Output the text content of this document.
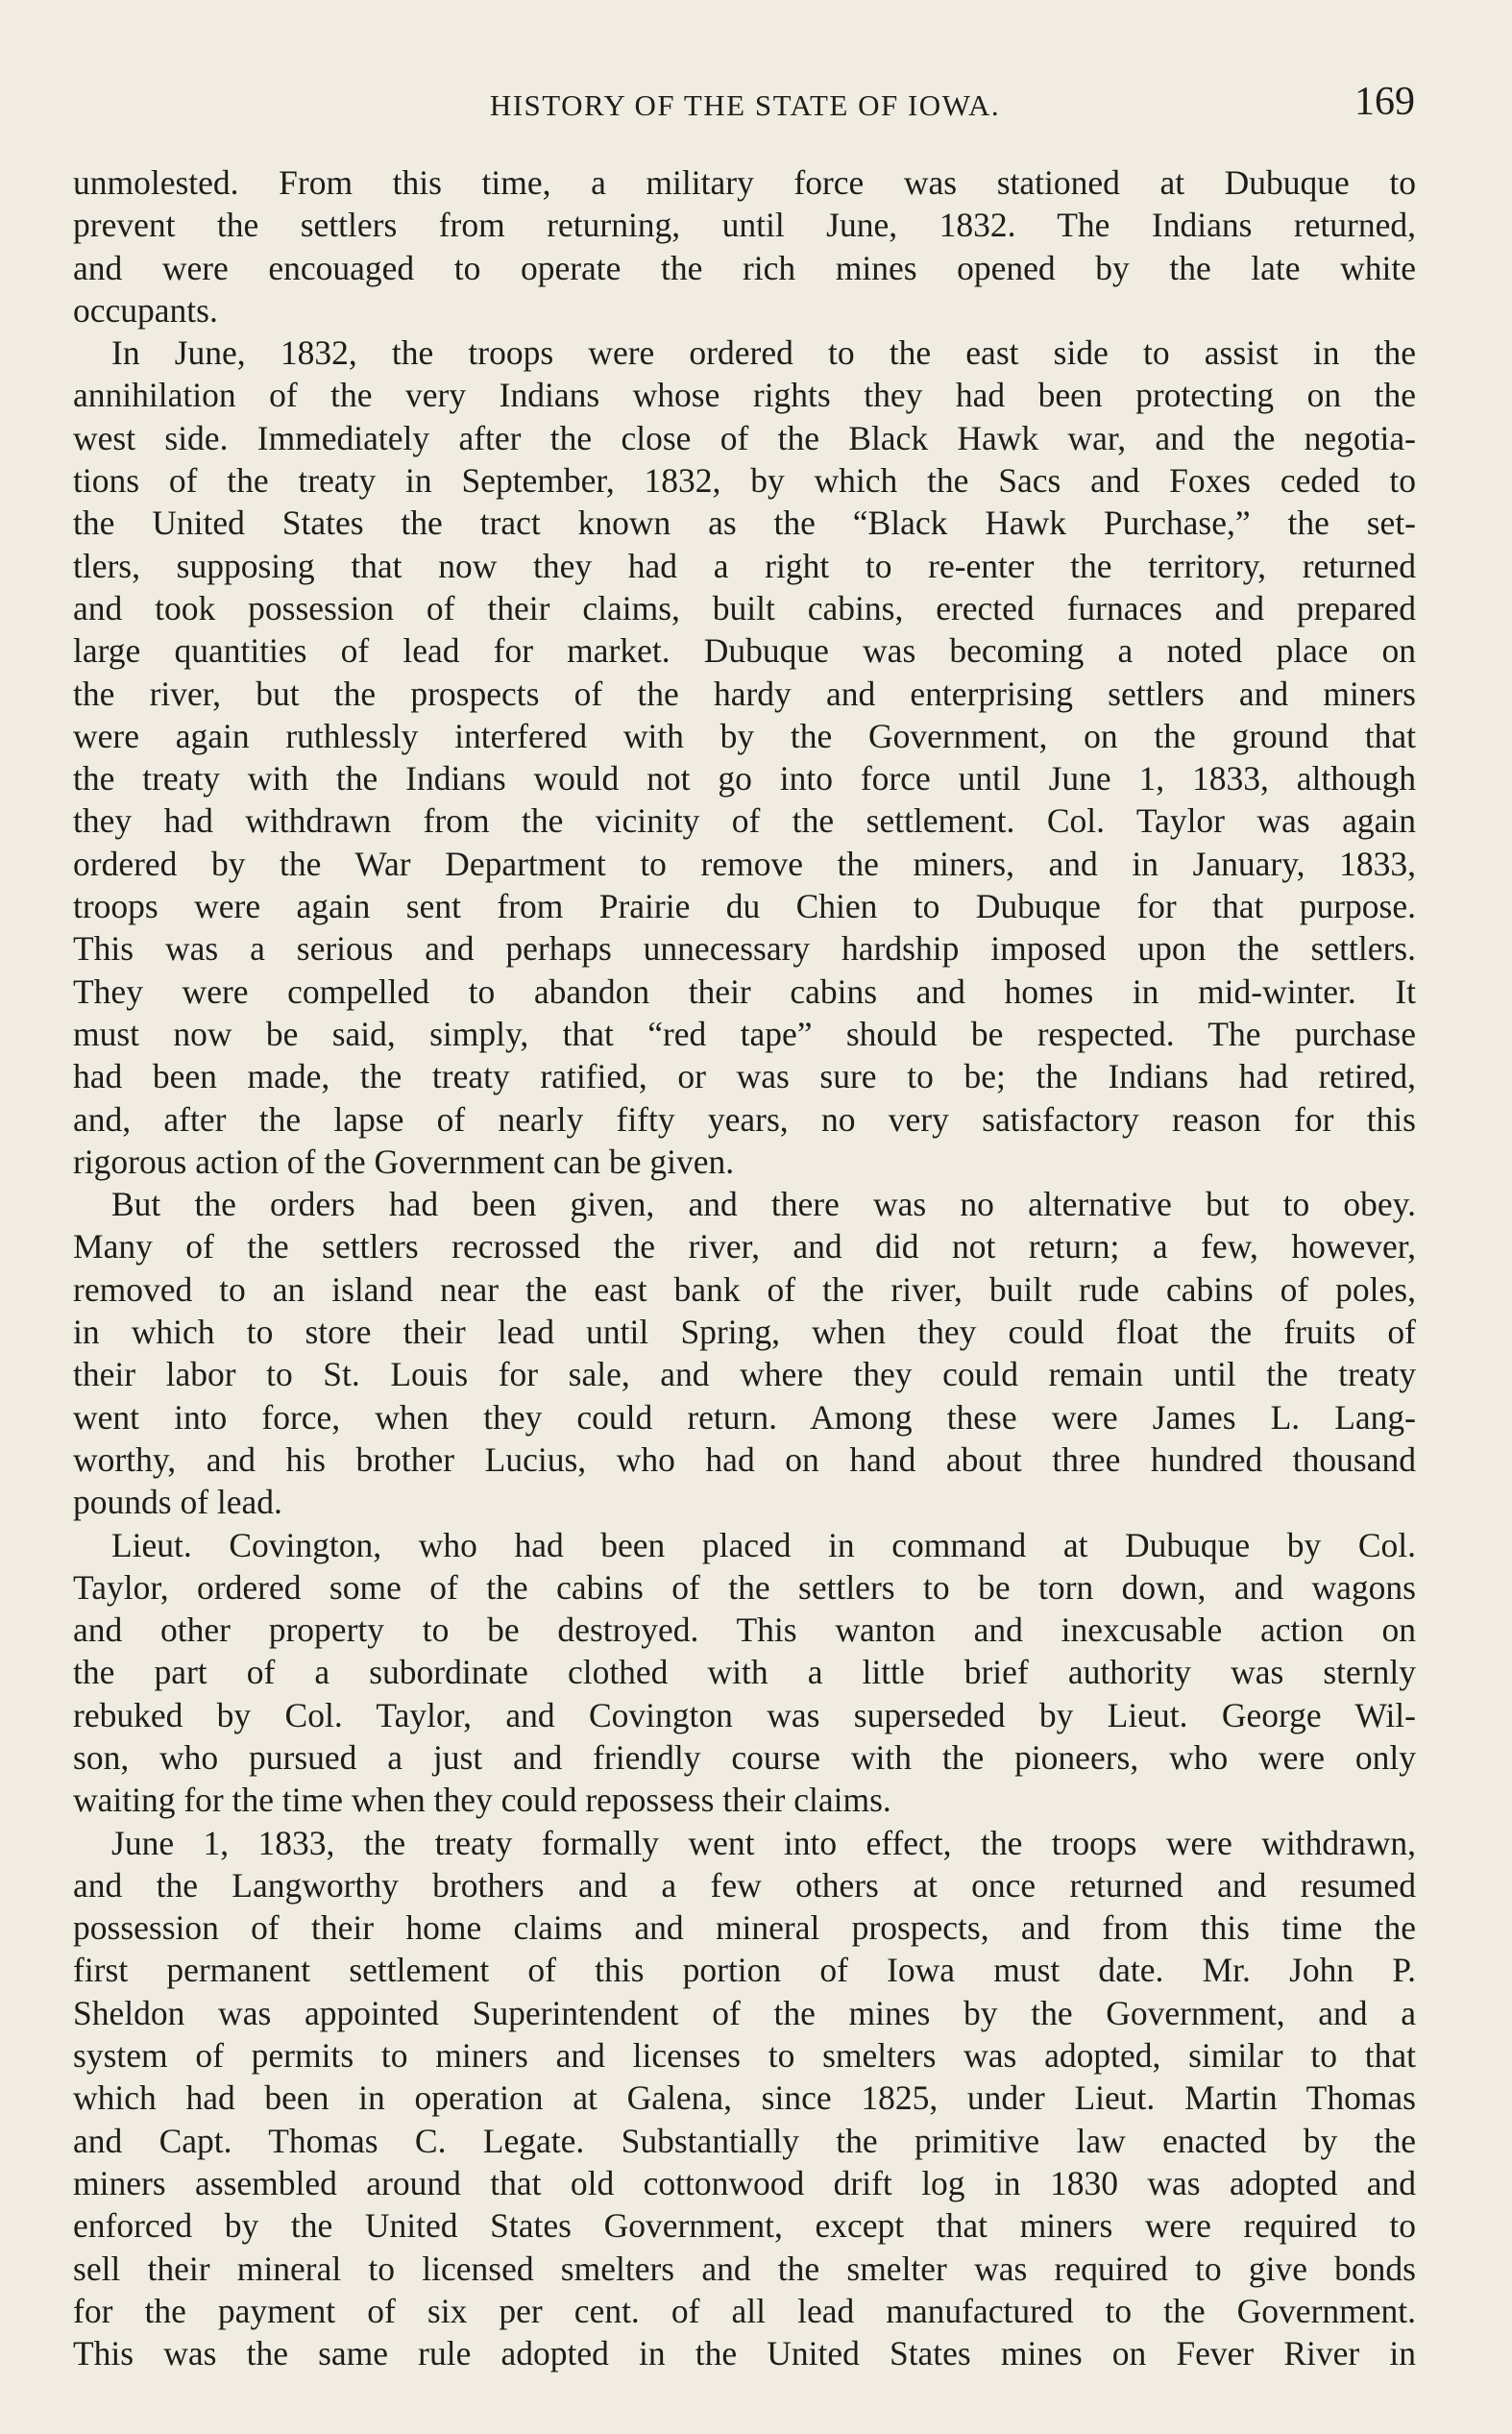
HISTORY OF THE STATE OF IOWA.	169
unmolested. From this time, a military force was stationed at Dubuque to
prevent the settlers from returning, until June, 1832. The Indians returned,
and were encouaged to operate the rich mines opened by the late white
occupants.
In June, 1832, the troops were ordered to the east side to assist in the
annihilation of the very Indians whose rights they had been protecting on the
west side. Immediately after the close of the Black Hawk war, and the negotia-
tions of the treaty in September, 1832, by which the Sacs and Foxes ceded to
the United States the tract known as the “Black Hawk Purchase,” the set-
tlers, supposing that now they had a right to re-enter the territory, returned
and took possession of their claims, built cabins, erected furnaces and prepared
large quantities of lead for market. Dubuque was becoming a noted place on
the river, but the prospects of the hardy and enterprising settlers and miners
were again ruthlessly interfered with by the Government, on the ground that
the treaty with the Indians would not go into force until June 1, 1833, although
they had withdrawn from the vicinity of the settlement. Col. Taylor was again
ordered by the War Department to remove the miners, and in January, 1833,
troops were again sent from Prairie du Chien to Dubuque for that purpose.
This was a serious and perhaps unnecessary hardship imposed upon the settlers.
They were compelled to abandon their cabins and homes in mid-winter. It
must now be said, simply, that “red tape” should be respected. The purchase
had been made, the treaty ratified, or was sure to be; the Indians had retired,
and, after the lapse of nearly fifty years, no very satisfactory reason for this
rigorous action of the Government can be given.
But the orders had been given, and there was no alternative but to obey.
Many of the settlers recrossed the river, and did not return; a few, however,
removed to an island near the east bank of the river, built rude cabins of poles,
in which to store their lead until Spring, when they could float the fruits of
their labor to St. Louis for sale, and where they could remain until the treaty
went into force, when they could return. Among these were James L. Lang-
worthy, and his brother Lucius, who had on hand about three hundred thousand
pounds of lead.
Lieut. Covington, who had been placed in command at Dubuque by Col.
Taylor, ordered some of the cabins of the settlers to be torn down, and wagons
and other property to be destroyed. This wanton and inexcusable action on
the part of a subordinate clothed with a little brief authority was sternly
rebuked by Col. Taylor, and Covington was superseded by Lieut. George Wil-
son, who pursued a just and friendly course with the pioneers, who were only
waiting for the time when they could repossess their claims.
June 1, 1833, the treaty formally went into effect, the troops were withdrawn,
and the Langworthy brothers and a few others at once returned and resumed
possession of their home claims and mineral prospects, and from this time the
first permanent settlement of this portion of Iowa must date. Mr. John P.
Sheldon was appointed Superintendent of the mines by the Government, and a
system of permits to miners and licenses to smelters was adopted, similar to that
which had been in operation at Galena, since 1825, under Lieut. Martin Thomas
and Capt. Thomas C. Legate. Substantially the primitive law enacted by the
miners assembled around that old cottonwood drift log in 1830 was adopted and
enforced by the United States Government, except that miners were required to
sell their mineral to licensed smelters and the smelter was required to give bonds
for the payment of six per cent. of all lead manufactured to the Government.
This was the same rule adopted in the United States mines on Fever River in
